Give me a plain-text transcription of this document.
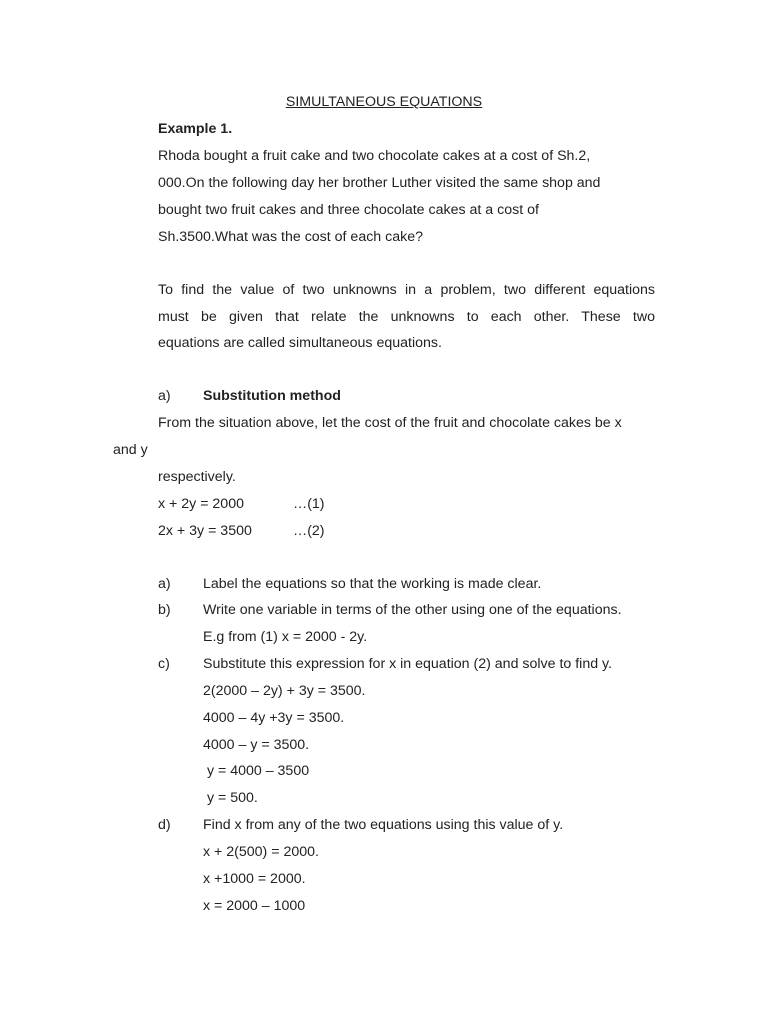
SIMULTANEOUS EQUATIONS
Example 1.
Rhoda bought a fruit cake and two chocolate cakes at a cost of Sh.2,
000.On the following day her brother Luther visited the same shop and
bought two fruit cakes and three chocolate cakes at a cost of
Sh.3500.What was the cost of each cake?
To find the value of two unknowns in a problem, two different equations
must be given that relate the unknowns to each other. These two
equations are called simultaneous equations.
a) Substitution method
From the situation above, let the cost of the fruit and chocolate cakes be x
and y
respectively.
x + 2y = 2000	…(1)
2x + 3y = 3500	…(2)
a) Label the equations so that the working is made clear.
b) Write one variable in terms of the other using one of the equations.
E.g from (1) x = 2000 - 2y.
c) Substitute this expression for x in equation (2) and solve to find y.
2(2000 – 2y) + 3y = 3500.
4000 – 4y +3y = 3500.
4000 – y = 3500.
y = 4000 – 3500
y = 500.
d) Find x from any of the two equations using this value of y.
x + 2(500) = 2000.
x +1000 = 2000.
x = 2000 – 1000
